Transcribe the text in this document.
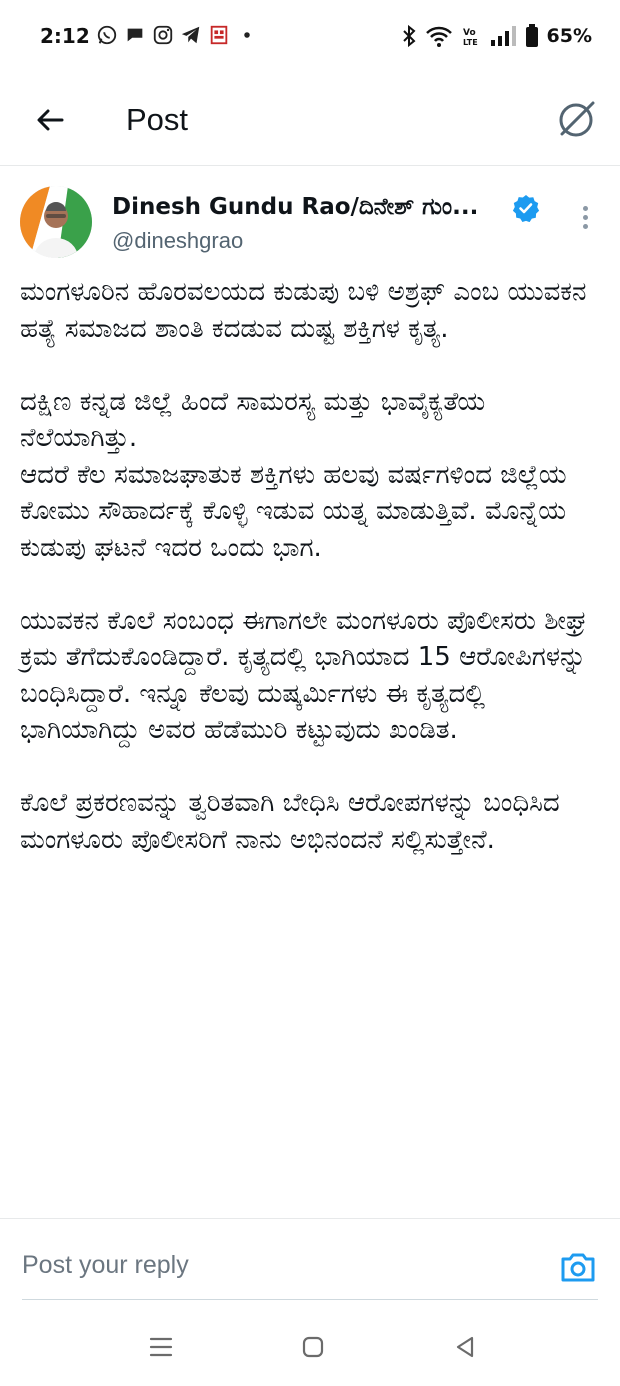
2:12	Vo
LTE	65%
Post
Dinesh Gundu Rao/ದಿನೇಶ್ ಗುಂ...
@dineshgrao
ಮಂಗಳೂರಿನ ಹೊರವಲಯದ ಕುಡುಪು ಬಳಿ ಅಶ್ರಫ್ ಎಂಬ ಯುವಕನ ಹತ್ಯೆ ಸಮಾಜದ ಶಾಂತಿ ಕದಡುವ ದುಷ್ಟ ಶಕ್ತಿಗಳ ಕೃತ್ಯ.
ದಕ್ಷಿಣ ಕನ್ನಡ ಜಿಲ್ಲೆ ಹಿಂದೆ ಸಾಮರಸ್ಯ ಮತ್ತು ಭಾವೈಕ್ಯತೆಯ ನೆಲೆಯಾಗಿತ್ತು.
ಆದರೆ ಕೆಲ ಸಮಾಜಘಾತುಕ ಶಕ್ತಿಗಳು ಹಲವು ವರ್ಷಗಳಿಂದ ಜಿಲ್ಲೆಯ ಕೋಮು ಸೌಹಾರ್ದಕ್ಕೆ ಕೊಳ್ಳಿ ಇಡುವ ಯತ್ನ ಮಾಡುತ್ತಿವೆ. ಮೊನ್ನೆಯ ಕುಡುಪು ಘಟನೆ ಇದರ ಒಂದು ಭಾಗ.
ಯುವಕನ ಕೊಲೆ ಸಂಬಂಧ ಈಗಾಗಲೇ ಮಂಗಳೂರು ಪೊಲೀಸರು ಶೀಘ್ರ ಕ್ರಮ ತೆಗೆದುಕೊಂಡಿದ್ದಾರೆ. ಕೃತ್ಯದಲ್ಲಿ ಭಾಗಿಯಾದ 15 ಆರೋಪಿಗಳನ್ನು ಬಂಧಿಸಿದ್ದಾರೆ. ಇನ್ನೂ ಕೆಲವು ದುಷ್ಕರ್ಮಿಗಳು ಈ ಕೃತ್ಯದಲ್ಲಿ ಭಾಗಿಯಾಗಿದ್ದು ಅವರ ಹೆಡೆಮುರಿ ಕಟ್ಟುವುದು ಖಂಡಿತ.
ಕೊಲೆ ಪ್ರಕರಣವನ್ನು ತ್ವರಿತವಾಗಿ ಬೇಧಿಸಿ ಆರೋಪಗಳನ್ನು ಬಂಧಿಸಿದ ಮಂಗಳೂರು ಪೊಲೀಸರಿಗೆ ನಾನು ಅಭಿನಂದನೆ ಸಲ್ಲಿಸುತ್ತೇನೆ.
Post your reply
